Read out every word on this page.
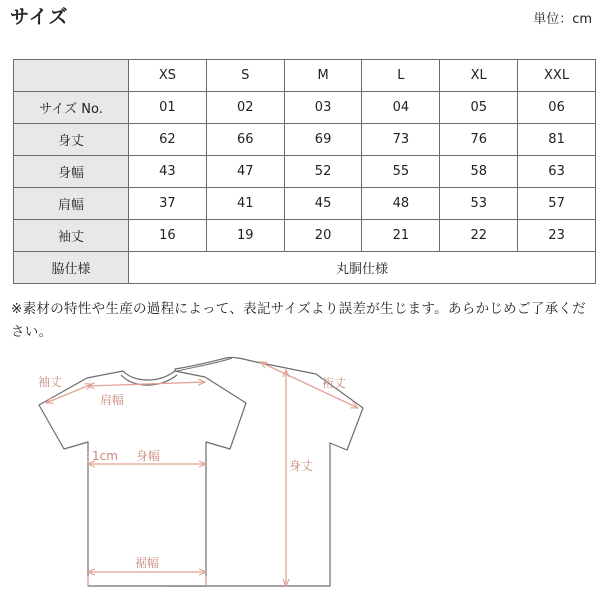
サイズ	単位：cm
	XS	S	M	L	XL	XXL
サイズ No.	01	02	03	04	05	06
身丈	62	66	69	73	76	81
身幅	43	47	52	55	58	63
肩幅	37	41	45	48	53	57
袖丈	16	19	20	21	22	23
脇仕様	丸胴仕様					
※素材の特性や生産の過程によって、表記サイズより誤差が生じます。あらかじめご了承ください。
袖丈
肩幅
1cm 身幅
裾幅
身丈
裄丈
